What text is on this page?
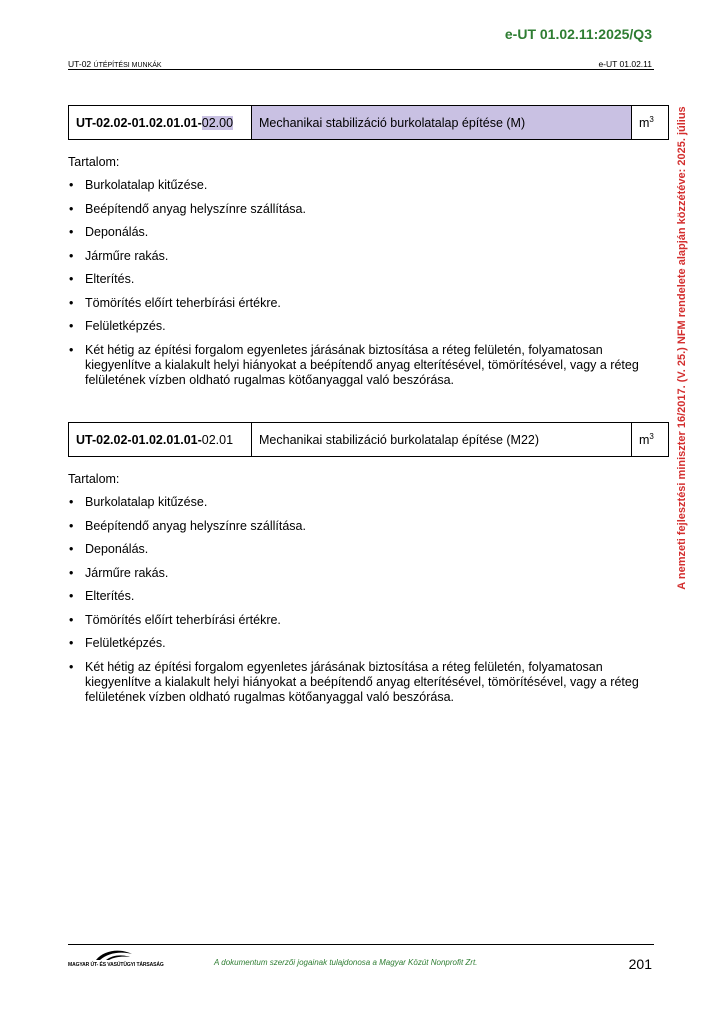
e-UT 01.02.11:2025/Q3
UT-02 ÚTÉPÍTÉSI MUNKÁK	e-UT 01.02.11
A nemzeti fejlesztési miniszter 16/2017. (V. 25.) NFM rendelete alapján közzétéve: 2025. július
UT-02.02-01.02.01.01-02.00	Mechanikai stabilizáció burkolatalap építése (M)	$m^3$

Tartalom:

• Burkolatalap kitűzése.
• Beépítendő anyag helyszínre szállítása.
• Deponálás.
• Járműre rakás.
• Elterítés.
• Tömörítés előírt teherbírási értékre.
• Felületképzés.
• Két hétig az építési forgalom egyenletes járásának biztosítása a réteg felületén, folyamatosan kiegyenlítve a kialakult helyi hiányokat a beépítendő anyag elterítésével, tömörítésével, vagy a réteg felületének vízben oldható rugalmas kötőanyaggal való beszórása.
UT-02.02-01.02.01.01-02.01	Mechanikai stabilizáció burkolatalap építése (M22)	$m^3$

Tartalom:

• Burkolatalap kitűzése.
• Beépítendő anyag helyszínre szállítása.
• Deponálás.
• Járműre rakás.
• Elterítés.
• Tömörítés előírt teherbírási értékre.
• Felületképzés.
• Két hétig az építési forgalom egyenletes járásának biztosítása a réteg felületén, folyamatosan kiegyenlítve a kialakult helyi hiányokat a beépítendő anyag elterítésével, tömörítésével, vagy a réteg felületének vízben oldható rugalmas kötőanyaggal való beszórása.
MAGYAR ÚT- ÉS VASÚTÜGYI TÁRSASÁG	A dokumentum szerzői jogainak tulajdonosa a Magyar Közút Nonprofit Zrt.	201
